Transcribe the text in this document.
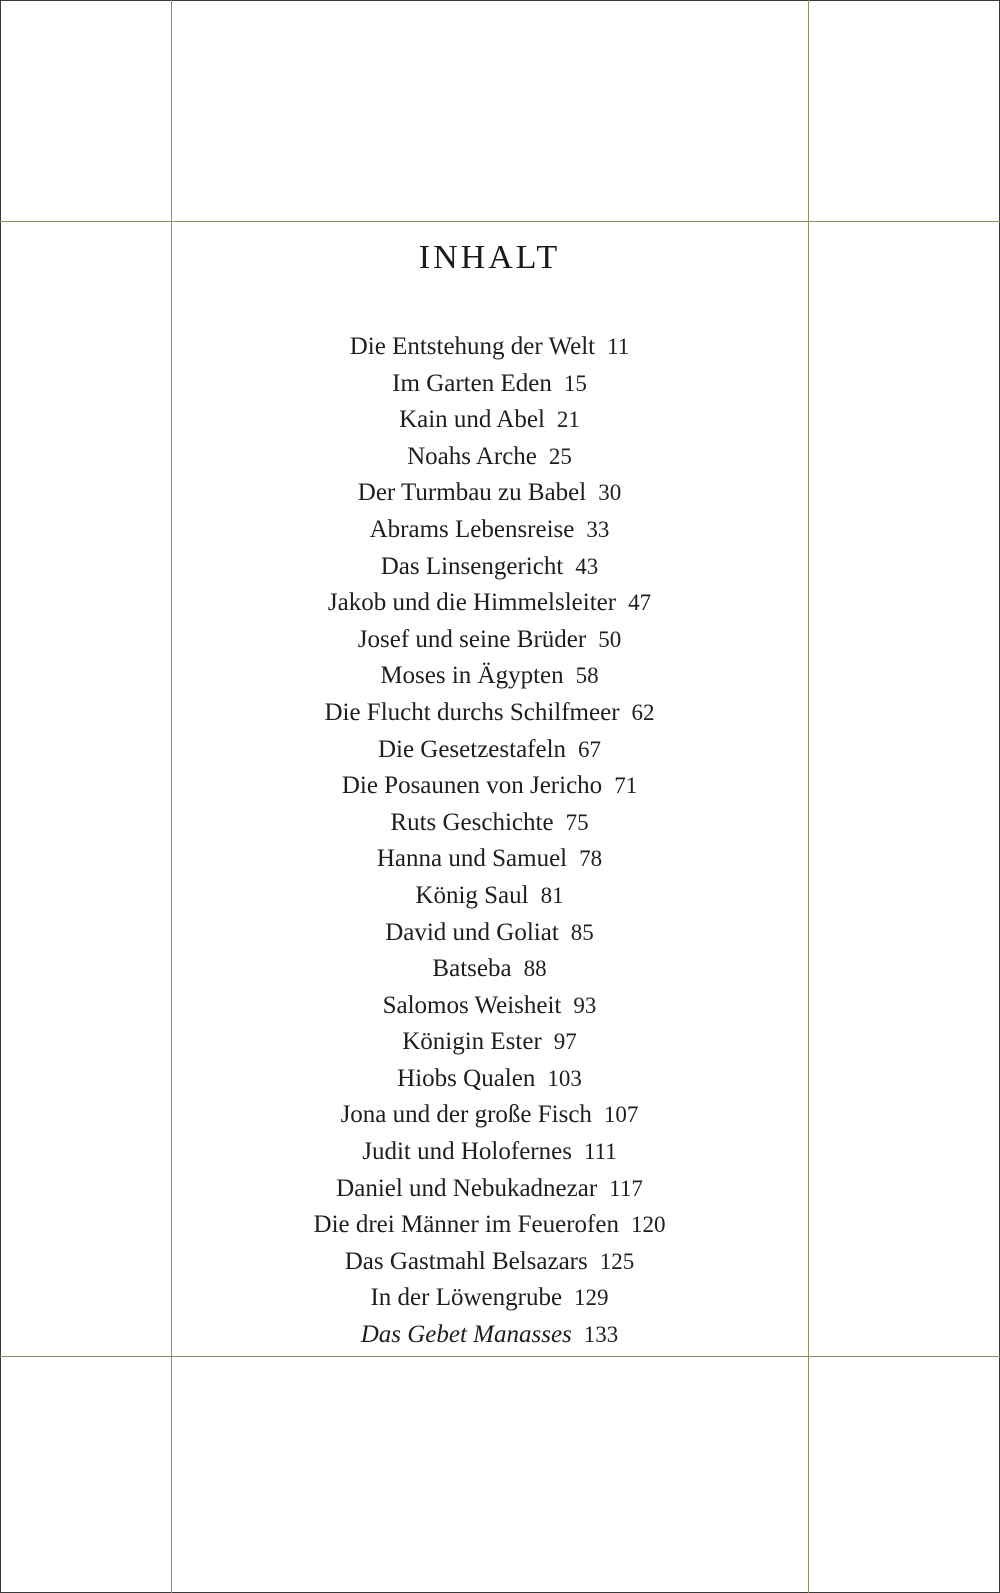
INHALT
Die Entstehung der Welt 11
Im Garten Eden 15
Kain und Abel 21
Noahs Arche 25
Der Turmbau zu Babel 30
Abrams Lebensreise 33
Das Linsengericht 43
Jakob und die Himmelsleiter 47
Josef und seine Brüder 50
Moses in Ägypten 58
Die Flucht durchs Schilfmeer 62
Die Gesetzestafeln 67
Die Posaunen von Jericho 71
Ruts Geschichte 75
Hanna und Samuel 78
König Saul 81
David und Goliat 85
Batseba 88
Salomos Weisheit 93
Königin Ester 97
Hiobs Qualen 103
Jona und der große Fisch 107
Judit und Holofernes 111
Daniel und Nebukadnezar 117
Die drei Männer im Feuerofen 120
Das Gastmahl Belsazars 125
In der Löwengrube 129
Das Gebet Manasses 133
